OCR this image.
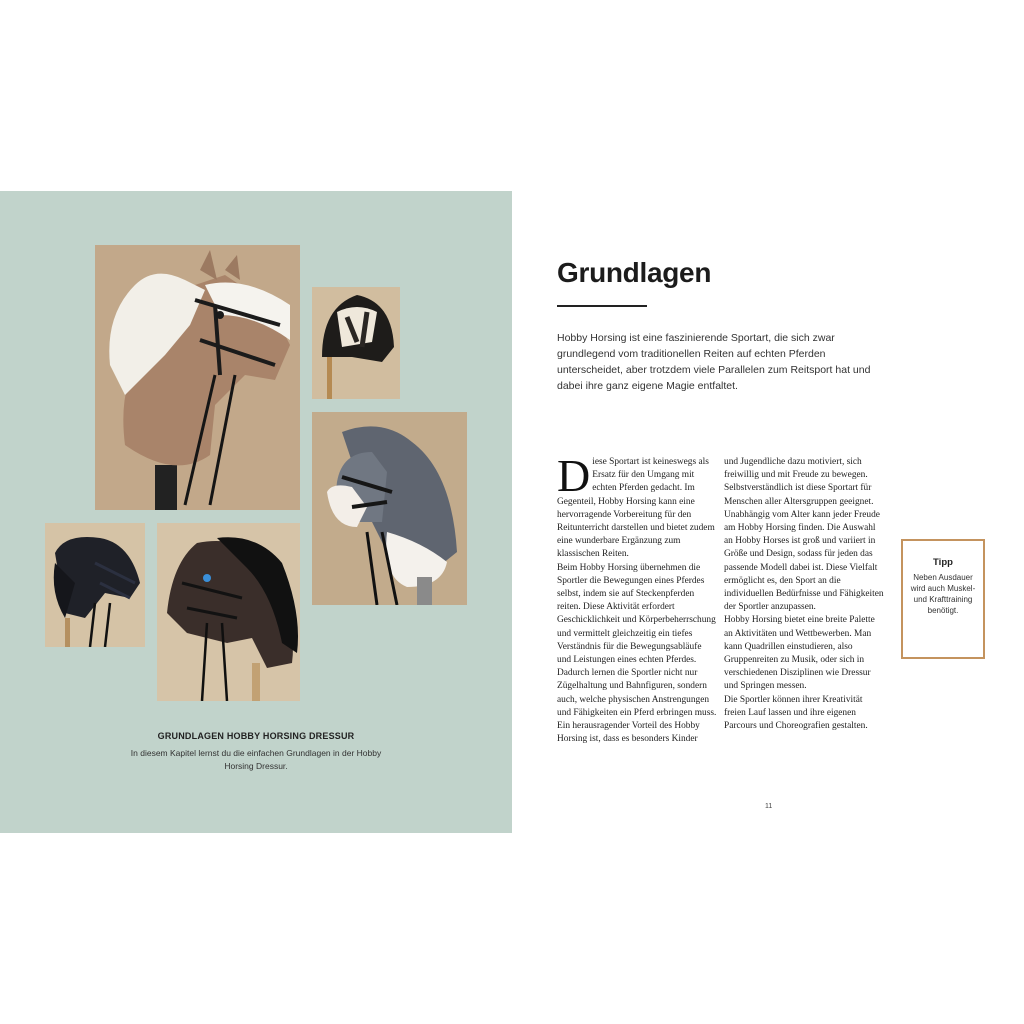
GRUNDLAGEN HOBBY HORSING DRESSUR
In diesem Kapitel lernst du die einfachen Grundlagen in der Hobby Horsing Dressur.
Grundlagen
Hobby Horsing ist eine faszinierende Sportart, die sich zwar grundlegend vom traditionellen Reiten auf echten Pferden unterscheidet, aber trotzdem viele Parallelen zum Reitsport hat und dabei ihre ganz eigene Magie entfaltet.
D iese Sportart ist keineswegs als Ersatz für den Umgang mit echten Pferden gedacht. Im Gegenteil, Hobby Horsing kann eine hervorragende Vorbereitung für den Reitunterricht darstellen und bietet zudem eine wunderbare Ergänzung zum klassischen Reiten.

Beim Hobby Horsing übernehmen die Sportler die Bewegungen eines Pferdes selbst, indem sie auf Steckenpferden reiten. Diese Aktivität erfordert Geschicklichkeit und Körperbeherrschung und vermittelt gleichzeitig ein tiefes Verständnis für die Bewegungsabläufe und Leistungen eines echten Pferdes. Dadurch lernen die Sportler nicht nur Zügelhaltung und Bahnfiguren, sondern auch, welche physischen Anstrengungen und Fähigkeiten ein Pferd erbringen muss.

Ein herausragender Vorteil des Hobby Horsing ist, dass es besonders Kinder

und Jugendliche dazu motiviert, sich freiwillig und mit Freude zu bewegen. Selbstverständlich ist diese Sportart für Menschen aller Altersgruppen geeignet.

Unabhängig vom Alter kann jeder Freude am Hobby Horsing finden. Die Auswahl an Hobby Horses ist groß und variiert in Größe und Design, sodass für jeden das passende Modell dabei ist. Diese Vielfalt ermöglicht es, den Sport an die individuellen Bedürfnisse und Fähigkeiten der Sportler anzupassen.

Hobby Horsing bietet eine breite Palette an Aktivitäten und Wettbewerben. Man kann Quadrillen einstudieren, also Gruppenreiten zu Musik, oder sich in verschiedenen Disziplinen wie Dressur und Springen messen.

Die Sportler können ihrer Kreativität freien Lauf lassen und ihre eigenen Parcours und Choreografien gestalten.

Tipp
Neben Ausdauer wird auch Muskel- und Krafttraining benötigt.
11
